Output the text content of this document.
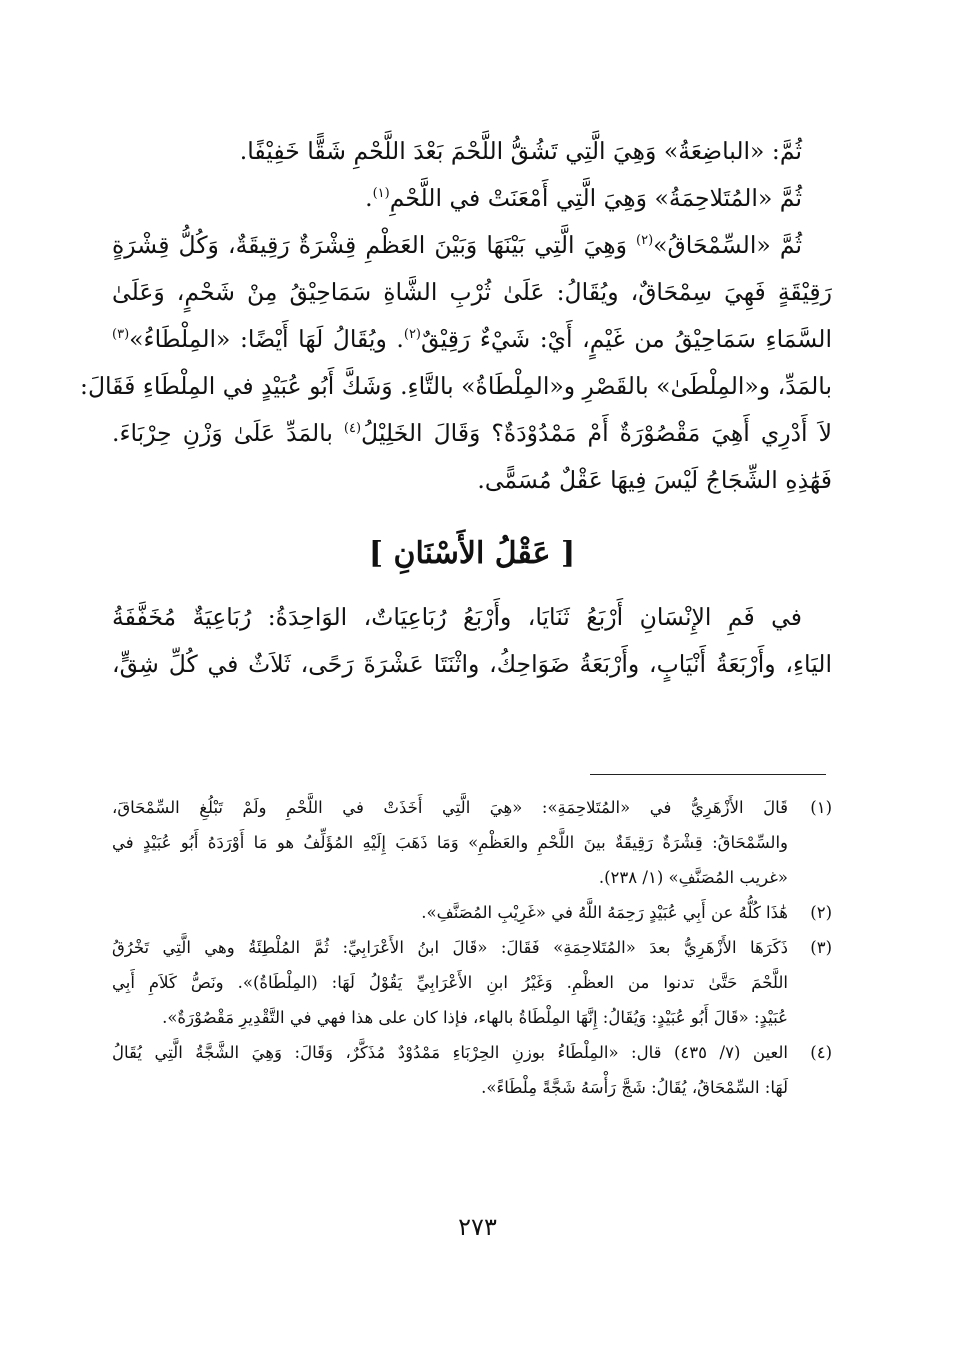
ثُمَّ: «الباضِعَةُ» وَهِيَ الَّتِي تَشُقُّ اللَّحْمَ بَعْدَ اللَّحْمِ شَقًّا خَفِيْفًا.

ثُمَّ «المُتَلاحِمَةُ» وَهِيَ الَّتِي أَمْعَنَتْ في اللَّحْمِ$^{(١)}$.

ثُمَّ «السِّمْحَاقُ»$^{(٢)}$ وَهِيَ الَّتِي بَيْنَهَا وَبَيْنَ العَظْمِ قِشْرَةٌ رَقِيقَةٌ، وَكُلُّ قِشْرَةٍ
رَقِيْقَةٍ فَهِيَ سِمْحَاقٌ، ويُقَالُ: عَلَىٰ ثُرْبِ الشَّاةِ سَمَاحِيْقُ مِنْ شَحْمٍ، وَعَلَىٰ
السَّمَاءِ سَمَاحِيْقُ من غَيْمٍ، أَيْ: شَيْءٌ رَقِيْقٌ$^{(٢)}$. ويُقَالُ لَهَا أَيْضًا: «المِلْطَاءُ»$^{(٣)}$
بالمَدِّ، و«المِلْطَىٰ» بالقَصْرِ و«المِلْطَاةُ» بالتَّاءِ. وَشَكَّ أَبُو عُبَيْدٍ في المِلْطَاءِ فَقَالَ:
لاَ أَدْرِي أَهِيَ مَقْصُوْرَةٌ أَمْ مَمْدُوْدَةٌ؟ وَقَالَ الخَلِيْلُ$^{(٤)}$ بالمَدِّ عَلَىٰ وَزْنِ حِرْبَاءَ.
فَهَٰذِهِ الشِّجَاجُ لَيْسَ فِيهَا عَقْلٌ مُسَمًّى.
[ عَقْلُ الأَسْنَانِ ]
في فَمِ الإِنْسَانِ أَرْبَعُ ثَنَايَا، وأَرْبَعُ رُبَاعِيَاتٌ، الوَاحِدَةُ: رُبَاعِيَةٌ مُخَفَّفَةُ
اليَاءِ، وأَرْبَعَةُ أَنْيَابٍ، وأَرْبَعَةُ ضَوَاحِكُ، واثْنَتَا عَشْرَةَ رَحًى، ثَلاَثٌ في كُلِّ شِقٍّ،
(١)
قَالَ الأَزْهَرِيُّ في «المُتَلاحِمَةِ»: «هِيَ الَّتِي أَخَذَتْ في اللَّحْمِ ولَمْ تَبْلُغِ السِّمْحَاقَ،
والسِّمْحَاقُ: قِشْرَةٌ رَقِيقَةٌ بينَ اللَّحْمِ والعَظْمِ» وَمَا ذَهَبَ إِلَيْهِ المُؤَلِّفُ هو مَا أَوْرَدَهُ أَبُو عُبَيْدٍ في
«غريب المُصَنَّفِ» (١/ ٢٣٨).
(٢)
هَٰذَا كُلُّهُ عن أَبِي عُبَيْدٍ رَحِمَهُ اللَّهُ في «غَرِيْبِ المُصَنَّفِ».
(٣)
ذَكَرَهَا الأَزْهَرِيُّ بعدَ «المُتَلاحِمَةِ» فَقَالَ: «قَالَ ابنُ الأَعْرَابِيِّ: ثُمَّ المُلْطِئَةُ وهي الَّتِي تَخْرُقُ
اللَّحْمَ حَتَّىٰ تدنوا من العظْمِ. وَغَيْرُ ابنِ الأَعْرَابِيِّ يَقُوْلُ لَهَا: (المِلْطَاةُ)». ونَصُّ كَلاَمِ أَبِي
عُبَيْدٍ: «قَالَ أَبُو عُبَيْدٍ: وَيُقَالُ: إِنَّهَا المِلْطَاةُ بالهاء، فإذا كان على هذا فهي في التَّقْدِيرِ مَقْصُوْرَةٌ».
(٤)
العين (٧/ ٤٣٥) قال: «المِلْطَاءُ بوزنِ الحِرْبَاءِ مَمْدُوْدٌ مُذَكَّرٌ، وَقَالَ: وَهِيَ الشَّجَّةُ الَّتِي يُقَالُ
لَهَا: السِّمْحَاقُ، يُقَالُ: شَجَّ رَأْسَهُ شَجَّةً مِلْطَاءً».
٢٧٣
